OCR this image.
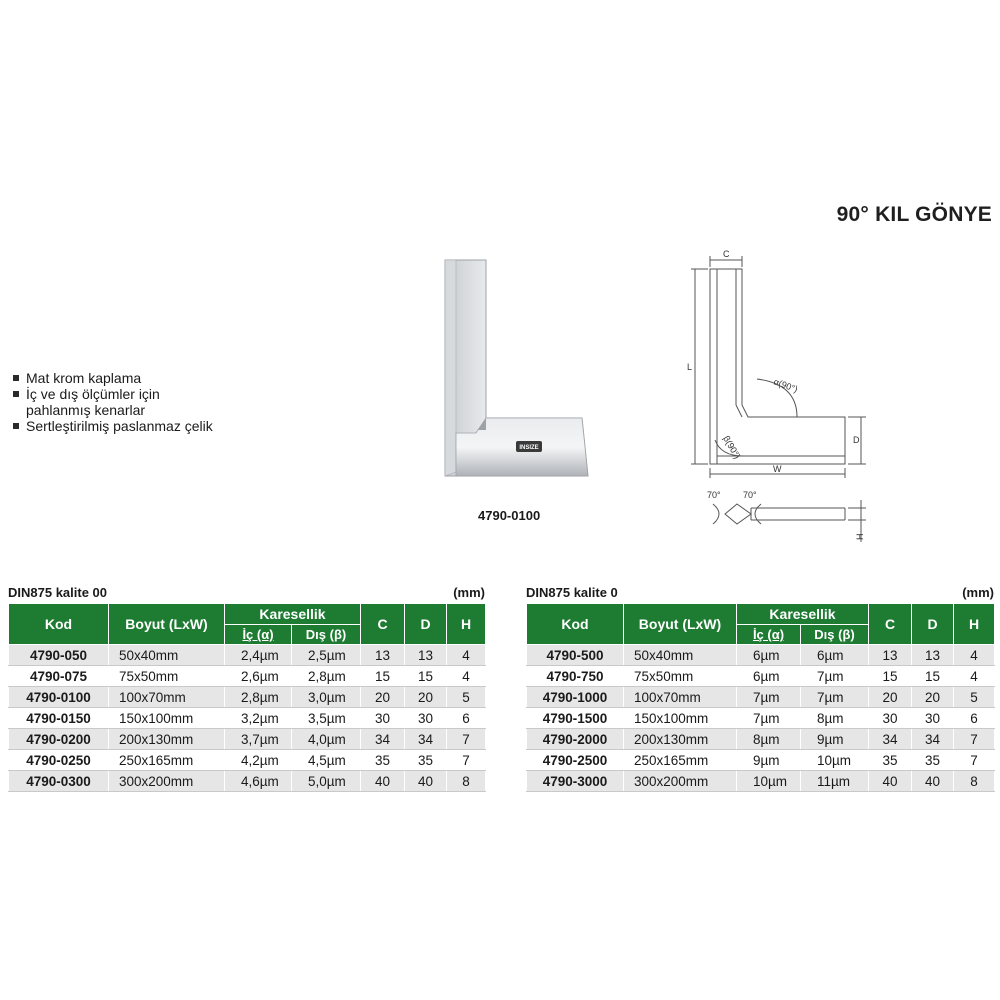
90° KIL GÖNYE
Mat krom kaplama
İç ve dış ölçümler için
pahlanmış kenarlar
Sertleştirilmiş paslanmaz çelik
INSIZE
4790-0100
C
L
W
D
α(90°)
β(90°)
70° 70°
H
DIN875 kalite 00	(mm)
Kod	Boyut (LxW)	Karesellik		C	D	H
		İç (α)	Dış (β)			
4790-050	50x40mm	2,4µm	2,5µm	13	13	4
4790-075	75x50mm	2,6µm	2,8µm	15	15	4
4790-0100	100x70mm	2,8µm	3,0µm	20	20	5
4790-0150	150x100mm	3,2µm	3,5µm	30	30	6
4790-0200	200x130mm	3,7µm	4,0µm	34	34	7
4790-0250	250x165mm	4,2µm	4,5µm	35	35	7
4790-0300	300x200mm	4,6µm	5,0µm	40	40	8
DIN875 kalite 0	(mm)
Kod	Boyut (LxW)	Karesellik		C	D	H
		İç (α)	Dış (β)			
4790-500	50x40mm	6µm	6µm	13	13	4
4790-750	75x50mm	6µm	7µm	15	15	4
4790-1000	100x70mm	7µm	7µm	20	20	5
4790-1500	150x100mm	7µm	8µm	30	30	6
4790-2000	200x130mm	8µm	9µm	34	34	7
4790-2500	250x165mm	9µm	10µm	35	35	7
4790-3000	300x200mm	10µm	11µm	40	40	8
